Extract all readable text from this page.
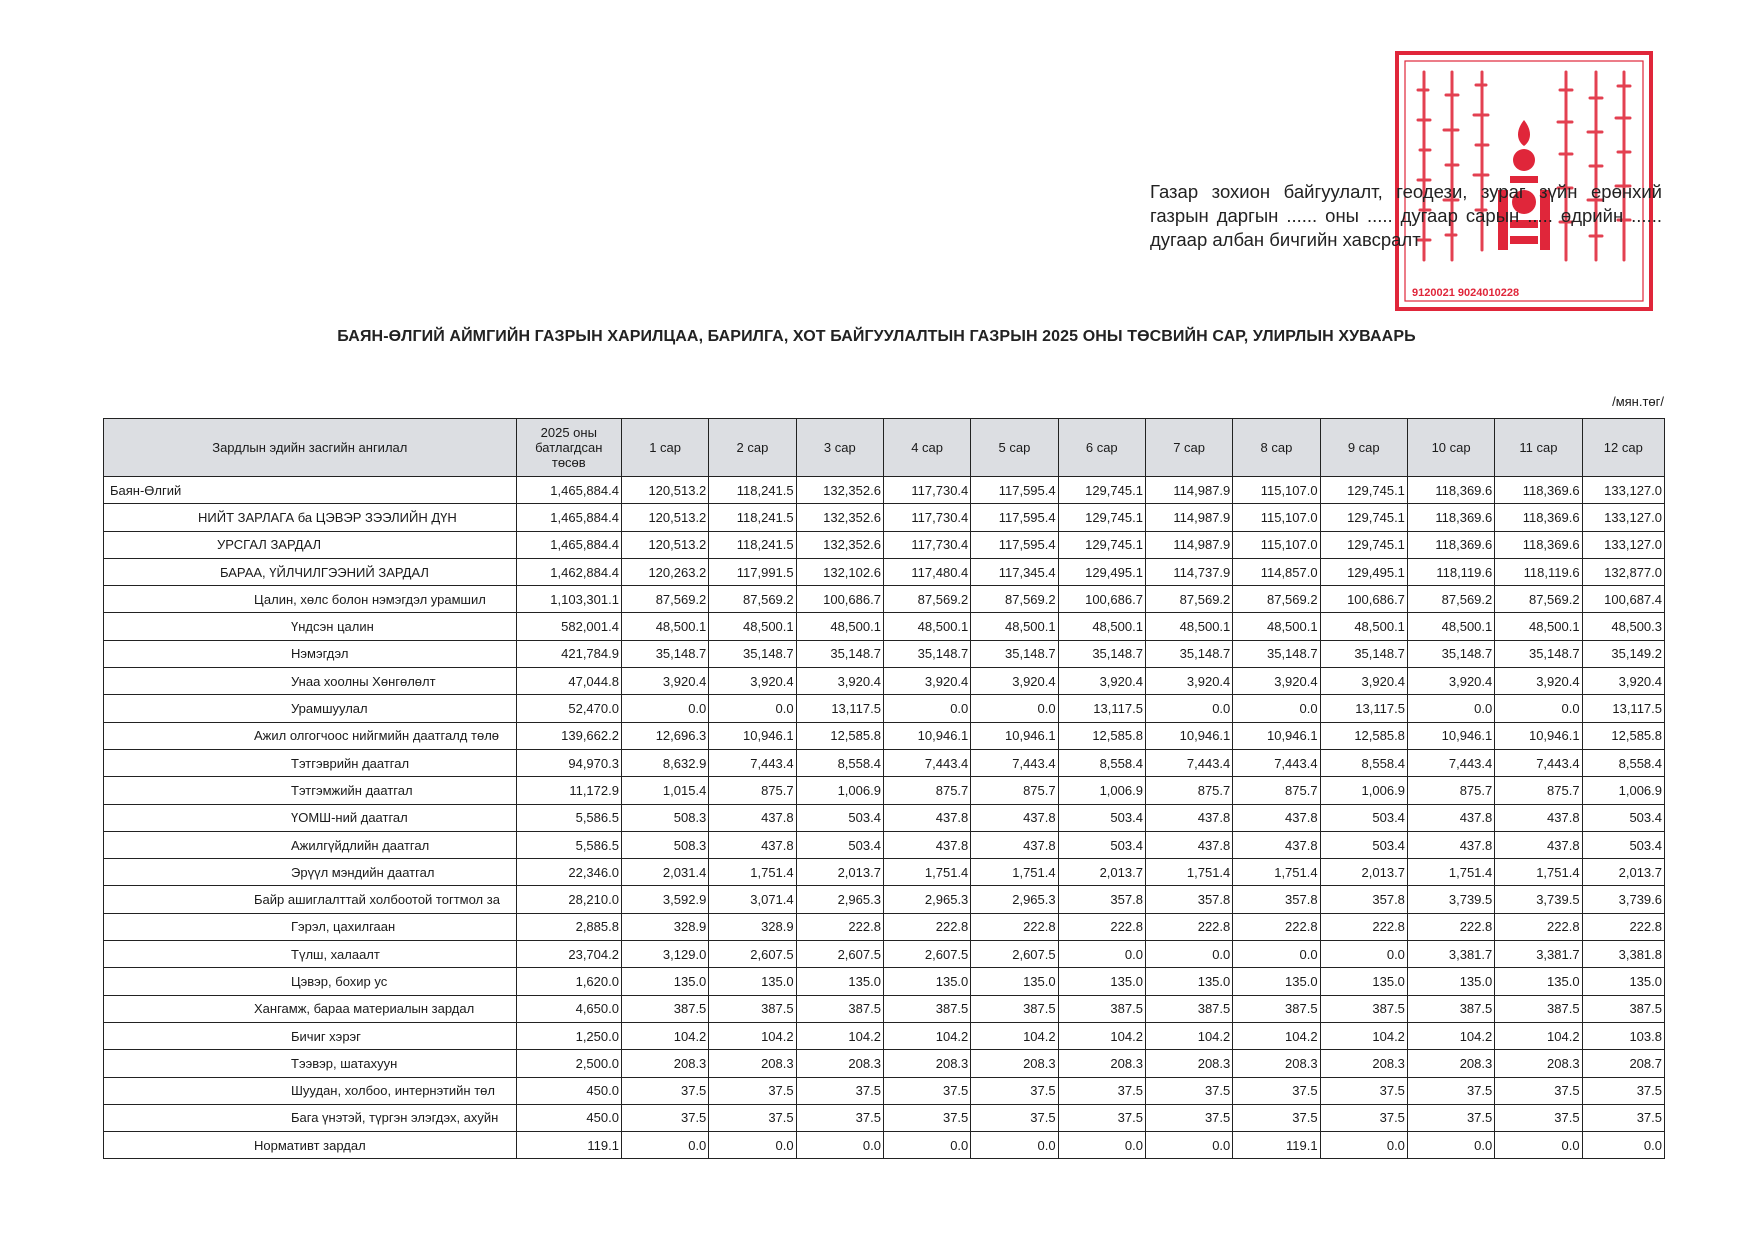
9120021 9024010228
Газар зохион байгуулалт, геодези, зураг зүйн ерөнхий газрын даргын ...... оны ..... дугаар сарын ..... өдрийн ...... дугаар албан бичгийн хавсралт
БАЯН-ӨЛГИЙ АЙМГИЙН ГАЗРЫН ХАРИЛЦАА, БАРИЛГА, ХОТ БАЙГУУЛАЛТЫН ГАЗРЫН 2025 ОНЫ ТӨСВИЙН САР, УЛИРЛЫН ХУВААРЬ
/мян.төг/
Зардлын эдийн засгийн ангилал	2025 оны батлагдсан төсөв	1 сар	2 сар	3 сар	4 сар	5 сар	6 сар	7 сар	8 сар	9 сар	10 сар	11 сар	12 сар
Баян-Өлгий	1,465,884.4	120,513.2	118,241.5	132,352.6	117,730.4	117,595.4	129,745.1	114,987.9	115,107.0	129,745.1	118,369.6	118,369.6	133,127.0
НИЙТ ЗАРЛАГА ба ЦЭВЭР ЗЭЭЛИЙН ДҮН	1,465,884.4	120,513.2	118,241.5	132,352.6	117,730.4	117,595.4	129,745.1	114,987.9	115,107.0	129,745.1	118,369.6	118,369.6	133,127.0
УРСГАЛ ЗАРДАЛ	1,465,884.4	120,513.2	118,241.5	132,352.6	117,730.4	117,595.4	129,745.1	114,987.9	115,107.0	129,745.1	118,369.6	118,369.6	133,127.0
БАРАА, ҮЙЛЧИЛГЭЭНИЙ ЗАРДАЛ	1,462,884.4	120,263.2	117,991.5	132,102.6	117,480.4	117,345.4	129,495.1	114,737.9	114,857.0	129,495.1	118,119.6	118,119.6	132,877.0
Цалин, хөлс болон нэмэгдэл урамшил	1,103,301.1	87,569.2	87,569.2	100,686.7	87,569.2	87,569.2	100,686.7	87,569.2	87,569.2	100,686.7	87,569.2	87,569.2	100,687.4
Үндсэн цалин	582,001.4	48,500.1	48,500.1	48,500.1	48,500.1	48,500.1	48,500.1	48,500.1	48,500.1	48,500.1	48,500.1	48,500.1	48,500.3
Нэмэгдэл	421,784.9	35,148.7	35,148.7	35,148.7	35,148.7	35,148.7	35,148.7	35,148.7	35,148.7	35,148.7	35,148.7	35,148.7	35,149.2
Унаа хоолны Хөнгөлөлт	47,044.8	3,920.4	3,920.4	3,920.4	3,920.4	3,920.4	3,920.4	3,920.4	3,920.4	3,920.4	3,920.4	3,920.4	3,920.4
Урамшуулал	52,470.0	0.0	0.0	13,117.5	0.0	0.0	13,117.5	0.0	0.0	13,117.5	0.0	0.0	13,117.5
Ажил олгогчоос нийгмийн даатгалд төлө	139,662.2	12,696.3	10,946.1	12,585.8	10,946.1	10,946.1	12,585.8	10,946.1	10,946.1	12,585.8	10,946.1	10,946.1	12,585.8
Тэтгэврийн даатгал	94,970.3	8,632.9	7,443.4	8,558.4	7,443.4	7,443.4	8,558.4	7,443.4	7,443.4	8,558.4	7,443.4	7,443.4	8,558.4
Тэтгэмжийн даатгал	11,172.9	1,015.4	875.7	1,006.9	875.7	875.7	1,006.9	875.7	875.7	1,006.9	875.7	875.7	1,006.9
ҮОМШ-ний даатгал	5,586.5	508.3	437.8	503.4	437.8	437.8	503.4	437.8	437.8	503.4	437.8	437.8	503.4
Ажилгүйдлийн даатгал	5,586.5	508.3	437.8	503.4	437.8	437.8	503.4	437.8	437.8	503.4	437.8	437.8	503.4
Эрүүл мэндийн даатгал	22,346.0	2,031.4	1,751.4	2,013.7	1,751.4	1,751.4	2,013.7	1,751.4	1,751.4	2,013.7	1,751.4	1,751.4	2,013.7
Байр ашиглалттай холбоотой тогтмол за	28,210.0	3,592.9	3,071.4	2,965.3	2,965.3	2,965.3	357.8	357.8	357.8	357.8	3,739.5	3,739.5	3,739.6
Гэрэл, цахилгаан	2,885.8	328.9	328.9	222.8	222.8	222.8	222.8	222.8	222.8	222.8	222.8	222.8	222.8
Түлш, халаалт	23,704.2	3,129.0	2,607.5	2,607.5	2,607.5	2,607.5	0.0	0.0	0.0	0.0	3,381.7	3,381.7	3,381.8
Цэвэр, бохир ус	1,620.0	135.0	135.0	135.0	135.0	135.0	135.0	135.0	135.0	135.0	135.0	135.0	135.0
Хангамж, бараа материалын зардал	4,650.0	387.5	387.5	387.5	387.5	387.5	387.5	387.5	387.5	387.5	387.5	387.5	387.5
Бичиг хэрэг	1,250.0	104.2	104.2	104.2	104.2	104.2	104.2	104.2	104.2	104.2	104.2	104.2	103.8
Тээвэр, шатахуун	2,500.0	208.3	208.3	208.3	208.3	208.3	208.3	208.3	208.3	208.3	208.3	208.3	208.7
Шуудан, холбоо, интернэтийн төл	450.0	37.5	37.5	37.5	37.5	37.5	37.5	37.5	37.5	37.5	37.5	37.5	37.5
Бага үнэтэй, түргэн элэгдэх, ахуйн	450.0	37.5	37.5	37.5	37.5	37.5	37.5	37.5	37.5	37.5	37.5	37.5	37.5
Нормативт зардал	119.1	0.0	0.0	0.0	0.0	0.0	0.0	0.0	119.1	0.0	0.0	0.0	0.0
